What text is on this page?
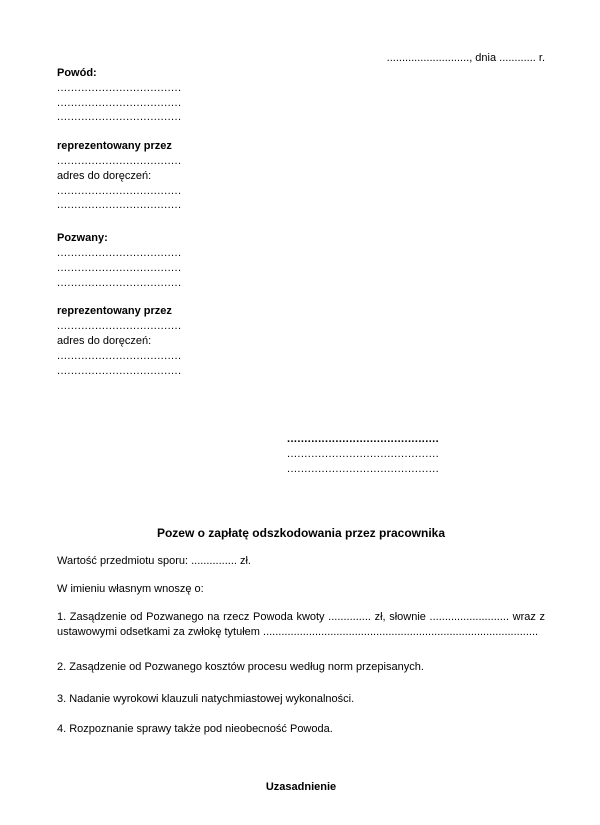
..........................., dnia ............ r.
Powód:
....................................
....................................
....................................
reprezentowany przez
....................................
adres do doręczeń:
....................................
....................................
Pozwany:
....................................
....................................
....................................
reprezentowany przez
....................................
adres do doręczeń:
....................................
....................................
............................................
............................................
............................................
Pozew o zapłatę odszkodowania przez pracownika
Wartość przedmiotu sporu: ............... zł.
W imieniu własnym wnoszę o:
1. Zasądzenie od Pozwanego na rzecz Powoda kwoty .............. zł, słownie .......................... wraz z
ustawowymi odsetkami za zwłokę tytułem ..........................................................................................
2. Zasądzenie od Pozwanego kosztów procesu według norm przepisanych.
3. Nadanie wyrokowi klauzuli natychmiastowej wykonalności.
4. Rozpoznanie sprawy także pod nieobecność Powoda.
Uzasadnienie
